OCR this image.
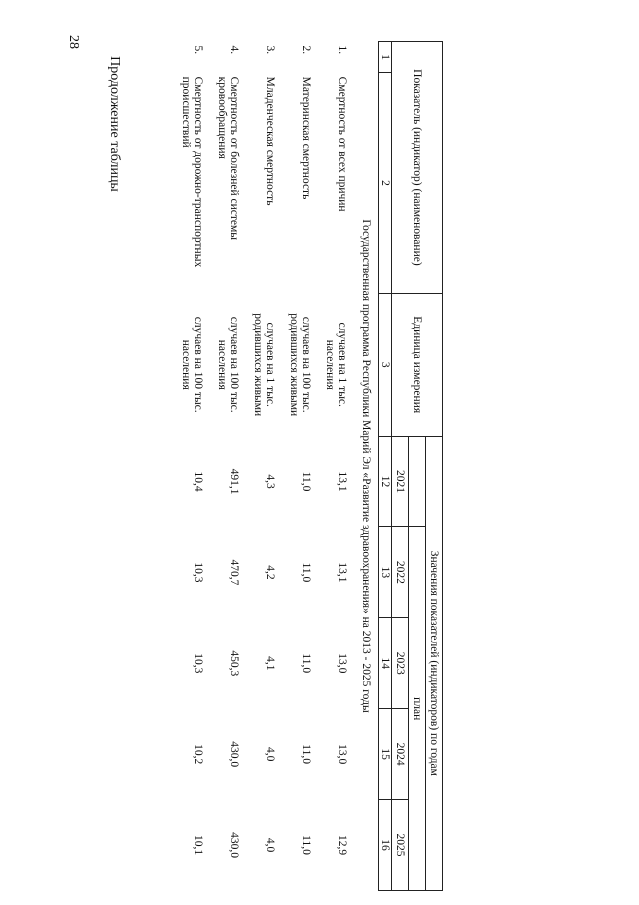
28
Продолжение таблицы	Показатель (индикатор) (наименование)		Единица измерения	Значения показателей (индикаторов) по годам				
				план			
			2021	2022	2023	2024	2025
1	2	3	12	13	14	15	16
Государственная программа Республики Марий Эл «Развитие здравоохранения» на 2013 - 2025 годы							
1.	Смертность от всех причин	случаев на 1 тыс. населения	13,1	13,1	13,0	13,0	12,9
2.	Материнская смертность	случаев на 100 тыс. родившихся живыми	11,0	11,0	11,0	11,0	11,0
3.	Младенческая смертность	случаев на 1 тыс. родившихся живыми	4,3	4,2	4,1	4,0	4,0
4.	Смертность от болезней системы кровообращения	случаев на 100 тыс. населения	491,1	470,7	450,3	430,0	430,0
5.	Смертность от дорожно-транспортных происшествий	случаев на 100 тыс. населения	10,4	10,3	10,3	10,2	10,1
